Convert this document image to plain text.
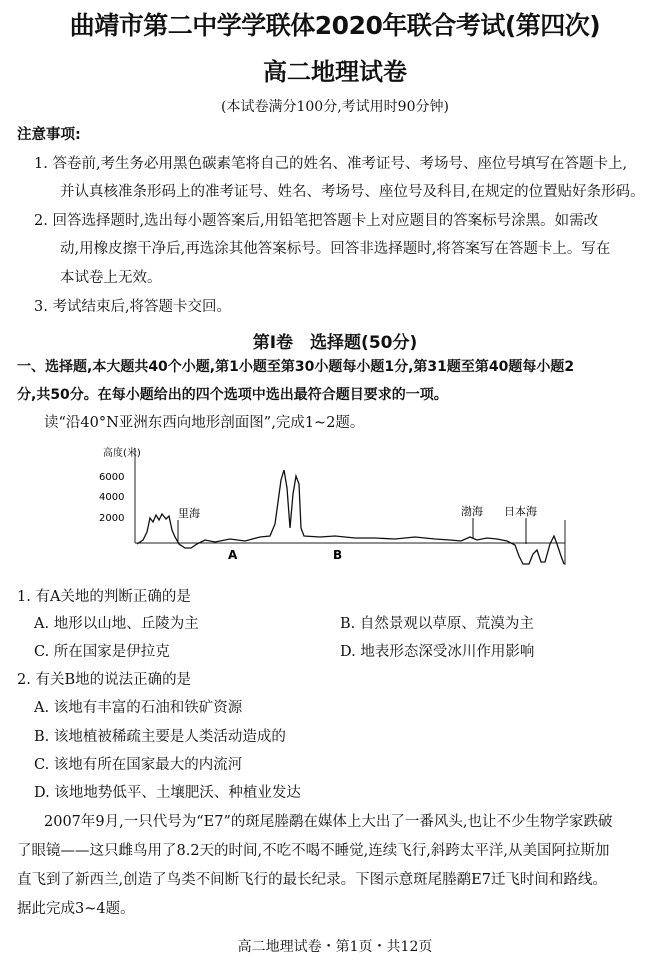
曲靖市第二中学学联体2020年联合考试(第四次)
高二地理试卷
(本试卷满分100分,考试用时90分钟)
注意事项:
1. 答卷前,考生务必用黑色碳素笔将自己的姓名、准考证号、考场号、座位号填写在答题卡上,
并认真核准条形码上的准考证号、姓名、考场号、座位号及科目,在规定的位置贴好条形码。
2. 回答选择题时,选出每小题答案后,用铅笔把答题卡上对应题目的答案标号涂黑。如需改
动,用橡皮擦干净后,再选涂其他答案标号。回答非选择题时,将答案写在答题卡上。写在
本试卷上无效。
3. 考试结束后,将答题卡交回。
第Ⅰ卷　选择题(50分)
一、选择题,本大题共40个小题,第1小题至第30小题每小题1分,第31题至第40题每小题2
分,共50分。在每小题给出的四个选项中选出最符合题目要求的一项。
读“沿40°N亚洲东西向地形剖面图”,完成1~2题。
高度(米)
6000
4000
2000	里海	渤海 日本海
A	B
1. 有A关地的判断正确的是
A. 地形以山地、丘陵为主	B. 自然景观以草原、荒漠为主
C. 所在国家是伊拉克	D. 地表形态深受冰川作用影响
2. 有关B地的说法正确的是
A. 该地有丰富的石油和铁矿资源
B. 该地植被稀疏主要是人类活动造成的
C. 该地有所在国家最大的内流河
D. 该地地势低平、土壤肥沃、种植业发达
2007年9月,一只代号为“E7”的斑尾塍鹬在媒体上大出了一番风头,也让不少生物学家跌破
了眼镜——这只雌鸟用了8.2天的时间,不吃不喝不睡觉,连续飞行,斜跨太平洋,从美国阿拉斯加
直飞到了新西兰,创造了鸟类不间断飞行的最长纪录。下图示意斑尾塍鹬E7迁飞时间和路线。
据此完成3~4题。
高二地理试卷・第1页・共12页
